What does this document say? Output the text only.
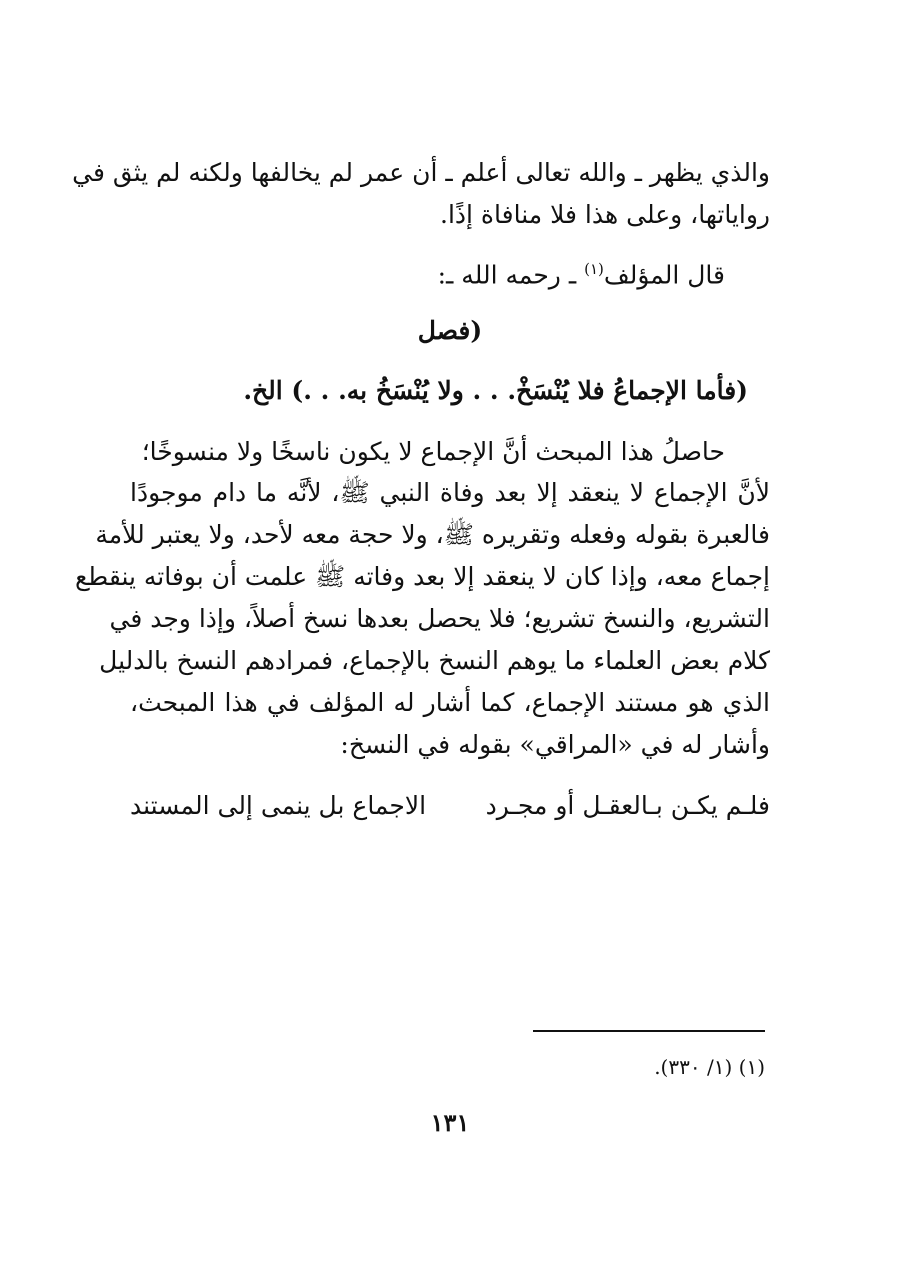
والذي يظهر ـ والله تعالى أعلم ـ أن عمر لم يخالفها ولكنه لم يثق في
رواياتها، وعلى هذا فلا منافاة إذًا.
قال المؤلف$^{(١)}$ ـ رحمه الله ـ:
(فصل
(فأما الإجماعُ فلا يُنْسَخْ. . . ولا يُنْسَخُ به. . .) الخ.
حاصلُ هذا المبحث أنَّ الإجماع لا يكون ناسخًا ولا منسوخًا؛
لأنَّ الإجماع لا ينعقد إلا بعد وفاة النبي ﷺ، لأنَّه ما دام موجودًا
فالعبرة بقوله وفعله وتقريره ﷺ، ولا حجة معه لأحد، ولا يعتبر للأمة
إجماع معه، وإذا كان لا ينعقد إلا بعد وفاته ﷺ علمت أن بوفاته ينقطع
التشريع، والنسخ تشريع؛ فلا يحصل بعدها نسخ أصلاً، وإذا وجد في
كلام بعض العلماء ما يوهم النسخ بالإجماع، فمرادهم النسخ بالدليل
الذي هو مستند الإجماع، كما أشار له المؤلف في هذا المبحث،
وأشار له في «المراقي» بقوله في النسخ:
فلـم يكـن بـالعقـل أو مجـرد
الاجماع بل ينمى إلى المستند
(١) (١/ ٣٣٠).
١٣١
